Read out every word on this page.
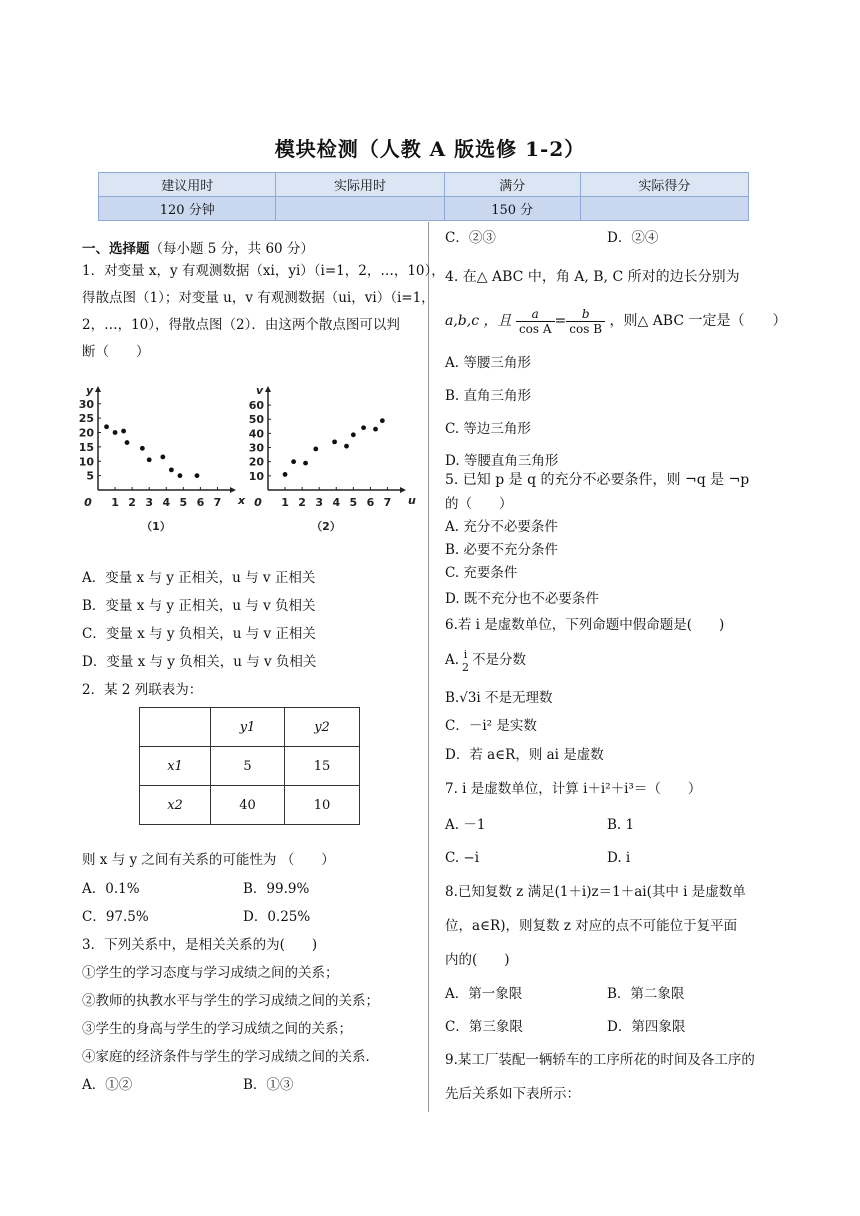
模块检测（人教 A 版选修 1-2）
建议用时	实际用时	满分	实际得分
120 分钟		150 分	
一、选择题（每小题 5 分，共 60 分）
1．对变量 x，y 有观测数据（xi，yi）（i=1，2，…，10），
得散点图（1）；对变量 u，v 有观测数据（ui，vi）（i=1，
2，…，10），得散点图（2）．由这两个散点图可以判
断（　　）
5
10
15
20
25
30
0 1 2 3 4 5 6 7 x
y
（1）
10
20
30
40
50
60
0 1 2 3 4 5 6 7 u
v
（2）
A．变量 x 与 y 正相关，u 与 v 正相关
B．变量 x 与 y 正相关，u 与 v 负相关
C．变量 x 与 y 负相关，u 与 v 正相关
D．变量 x 与 y 负相关，u 与 v 负相关
2．某 2 列联表为：
	y1	y2
x1	5	15
x2	40	10
则 x 与 y 之间有关系的可能性为 （　　）
A．0.1%	B．99.9%
C．97.5%	D．0.25%
3．下列关系中，是相关关系的为(　　)
①学生的学习态度与学习成绩之间的关系；
②教师的执教水平与学生的学习成绩之间的关系；
③学生的身高与学生的学习成绩之间的关系；
④家庭的经济条件与学生的学习成绩之间的关系．
A．①②	B．①③
C．②③	D．②④
4. 在△ ABC 中，角 A, B, C 所对的边长分别为
a,b,c ，且 $\frac{a}{\text{cos A}} = \frac{b}{\text{cos B}}$ ，则△ ABC 一定是（　　）
A. 等腰三角形
B. 直角三角形
C. 等边三角形
D. 等腰直角三角形
5. 已知 p 是 q 的充分不必要条件，则 ¬q 是 ¬p
的（　　）
A. 充分不必要条件
B. 必要不充分条件
C. 充要条件
D. 既不充分也不必要条件
6.若 i 是虚数单位，下列命题中假命题是(　　)
A. i
2 不是分数
B.√3i 不是无理数
C．－i² 是实数
D．若 a∈R，则 ai 是虚数
7. i 是虚数单位，计算 i＋i²＋i³＝（　　）
A. －1	B. 1
C. −i	D. i
8.已知复数 z 满足(1＋i)z＝1＋ai(其中 i 是虚数单
位，a∈R)，则复数 z 对应的点不可能位于复平面
内的(　　)
A．第一象限	B．第二象限
C．第三象限	D．第四象限
9.某工厂装配一辆轿车的工序所花的时间及各工序的
先后关系如下表所示：
